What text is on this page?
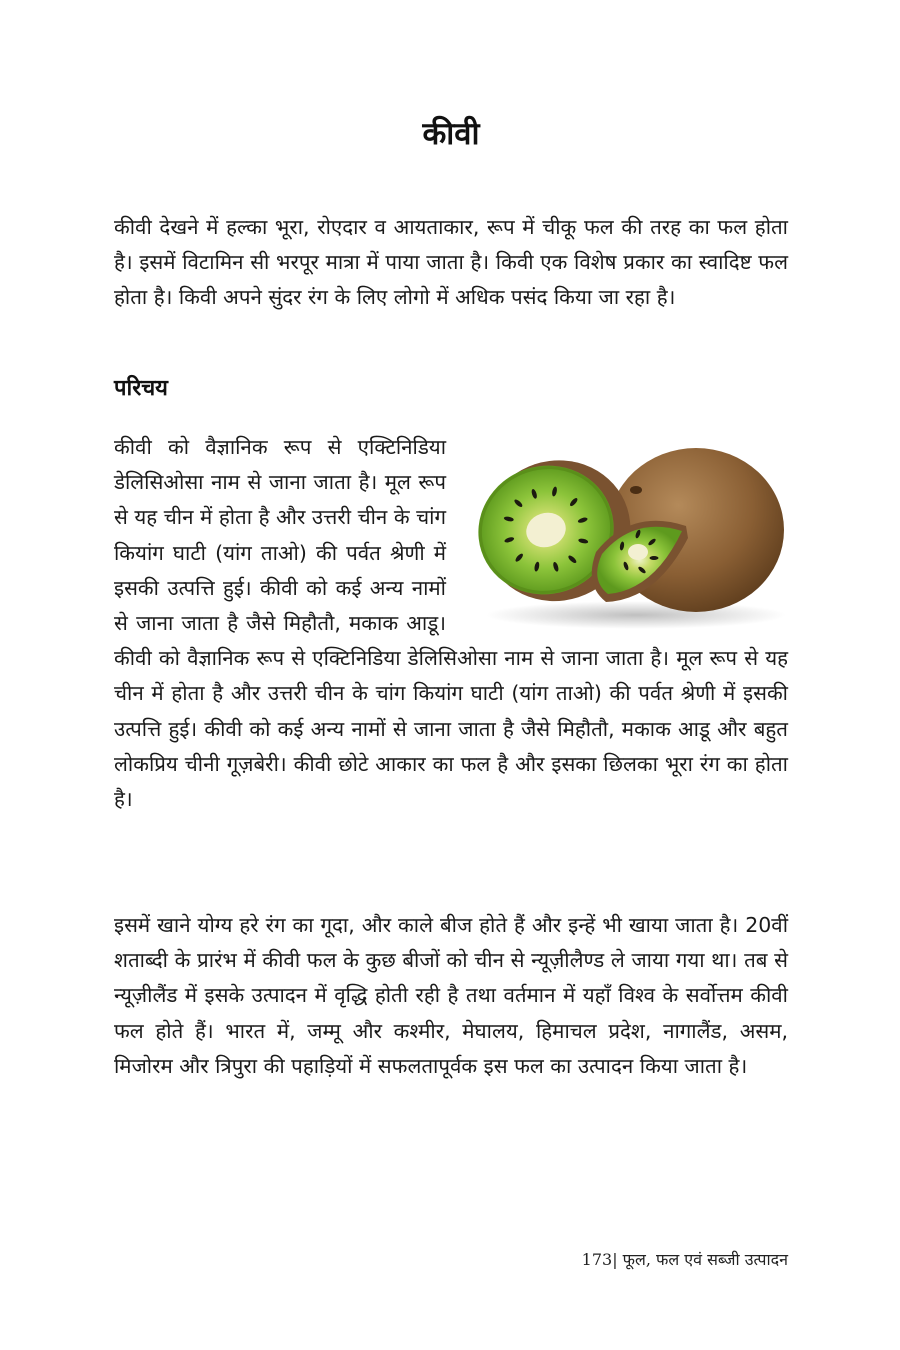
कीवी

कीवी देखने में हल्का भूरा, रोएदार व आयताकार, रूप में चीकू फल की तरह का फल होता है। इसमें विटामिन सी भरपूर मात्रा में पाया जाता है। किवी एक विशेष प्रकार का स्वादिष्ट फल होता है। किवी अपने सुंदर रंग के लिए लोगो में अधिक पसंद किया जा रहा है।

परिचय

कीवी को वैज्ञानिक रूप से एक्टिनिडिया डेलिसिओसा नाम से जाना जाता है। मूल रूप से यह चीन में होता है और उत्तरी चीन के चांग कियांग घाटी (यांग ताओ) की पर्वत श्रेणी में इसकी उत्पत्ति हुई। कीवी को कई अन्य नामों से जाना जाता है जैसे मिहौतौ, मकाक आडू। कीवी को वैज्ञानिक रूप से एक्टिनिडिया डेलिसिओसा नाम से जाना जाता है। मूल रूप से यह चीन में होता है और उत्तरी चीन के चांग कियांग घाटी (यांग ताओ) की पर्वत श्रेणी में इसकी उत्पत्ति हुई। कीवी को कई अन्य नामों से जाना जाता है जैसे मिहौतौ, मकाक आडू और बहुत लोकप्रिय चीनी गूज़बेरी। कीवी छोटे आकार का फल है और इसका छिलका भूरा रंग का होता है।

इसमें खाने योग्य हरे रंग का गूदा, और काले बीज होते हैं और इन्हें भी खाया जाता है। 20वीं शताब्दी के प्रारंभ में कीवी फल के कुछ बीजों को चीन से न्यूज़ीलैण्ड ले जाया गया था। तब से न्यूज़ीलैंड में इसके उत्पादन में वृद्धि होती रही है तथा वर्तमान में यहाँ विश्व के सर्वोत्तम कीवी फल होते हैं। भारत में, जम्मू और कश्मीर, मेघालय, हिमाचल प्रदेश, नागालैंड, असम, मिजोरम और त्रिपुरा की पहाड़ियों में सफलतापूर्वक इस फल का उत्पादन किया जाता है।

173| फूल, फल एवं सब्जी उत्पादन
